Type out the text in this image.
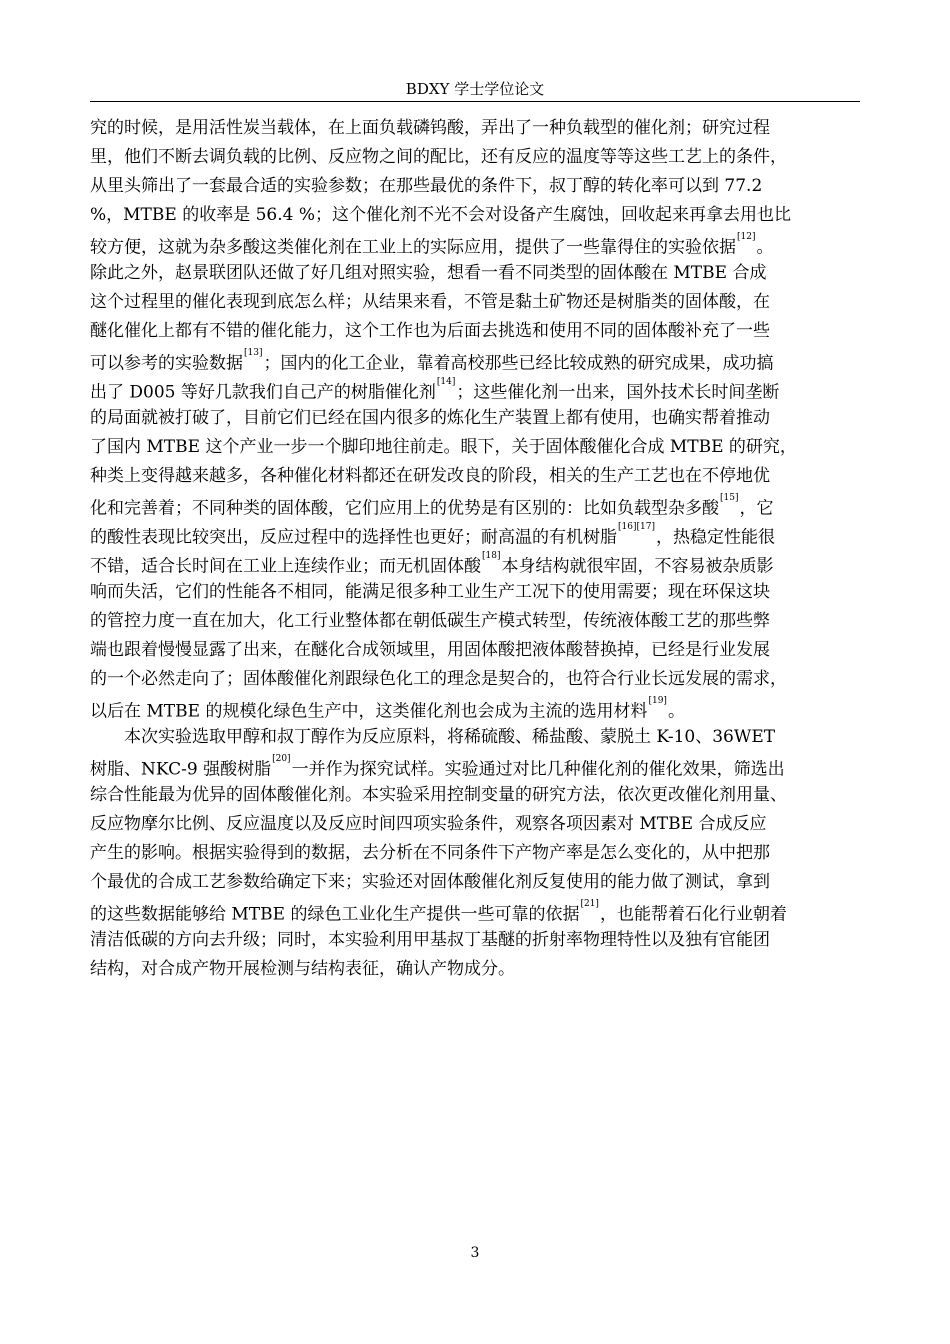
BDXY 学士学位论文
究的时候，是用活性炭当载体，在上面负载磷钨酸，弄出了一种负载型的催化剂；研究过程
里，他们不断去调负载的比例、反应物之间的配比，还有反应的温度等等这些工艺上的条件，
从里头筛出了一套最合适的实验参数；在那些最优的条件下，叔丁醇的转化率可以到 77.2
%，MTBE 的收率是 56.4 %；这个催化剂不光不会对设备产生腐蚀，回收起来再拿去用也比
较方便，这就为杂多酸这类催化剂在工业上的实际应用，提供了一些靠得住的实验依据[12]。
除此之外，赵景联团队还做了好几组对照实验，想看一看不同类型的固体酸在 MTBE 合成
这个过程里的催化表现到底怎么样；从结果来看，不管是黏土矿物还是树脂类的固体酸，在
醚化催化上都有不错的催化能力，这个工作也为后面去挑选和使用不同的固体酸补充了一些
可以参考的实验数据[13]；国内的化工企业，靠着高校那些已经比较成熟的研究成果，成功搞
出了 D005 等好几款我们自己产的树脂催化剂[14]；这些催化剂一出来，国外技术长时间垄断
的局面就被打破了，目前它们已经在国内很多的炼化生产装置上都有使用，也确实帮着推动
了国内 MTBE 这个产业一步一个脚印地往前走。眼下，关于固体酸催化合成 MTBE 的研究，
种类上变得越来越多，各种催化材料都还在研发改良的阶段，相关的生产工艺也在不停地优
化和完善着；不同种类的固体酸，它们应用上的优势是有区别的：比如负载型杂多酸[15]，它
的酸性表现比较突出，反应过程中的选择性也更好；耐高温的有机树脂[16][17]，热稳定性能很
不错，适合长时间在工业上连续作业；而无机固体酸[18]本身结构就很牢固，不容易被杂质影
响而失活，它们的性能各不相同，能满足很多种工业生产工况下的使用需要；现在环保这块
的管控力度一直在加大，化工行业整体都在朝低碳生产模式转型，传统液体酸工艺的那些弊
端也跟着慢慢显露了出来，在醚化合成领域里，用固体酸把液体酸替换掉，已经是行业发展
的一个必然走向了；固体酸催化剂跟绿色化工的理念是契合的，也符合行业长远发展的需求，
以后在 MTBE 的规模化绿色生产中，这类催化剂也会成为主流的选用材料[19]。
本次实验选取甲醇和叔丁醇作为反应原料，将稀硫酸、稀盐酸、蒙脱土 K-10、36WET
树脂、NKC-9 强酸树脂[20]一并作为探究试样。实验通过对比几种催化剂的催化效果，筛选出
综合性能最为优异的固体酸催化剂。本实验采用控制变量的研究方法，依次更改催化剂用量、
反应物摩尔比例、反应温度以及反应时间四项实验条件，观察各项因素对 MTBE 合成反应
产生的影响。根据实验得到的数据，去分析在不同条件下产物产率是怎么变化的，从中把那
个最优的合成工艺参数给确定下来；实验还对固体酸催化剂反复使用的能力做了测试，拿到
的这些数据能够给 MTBE 的绿色工业化生产提供一些可靠的依据[21]，也能帮着石化行业朝着
清洁低碳的方向去升级；同时，本实验利用甲基叔丁基醚的折射率物理特性以及独有官能团
结构，对合成产物开展检测与结构表征，确认产物成分。
3
